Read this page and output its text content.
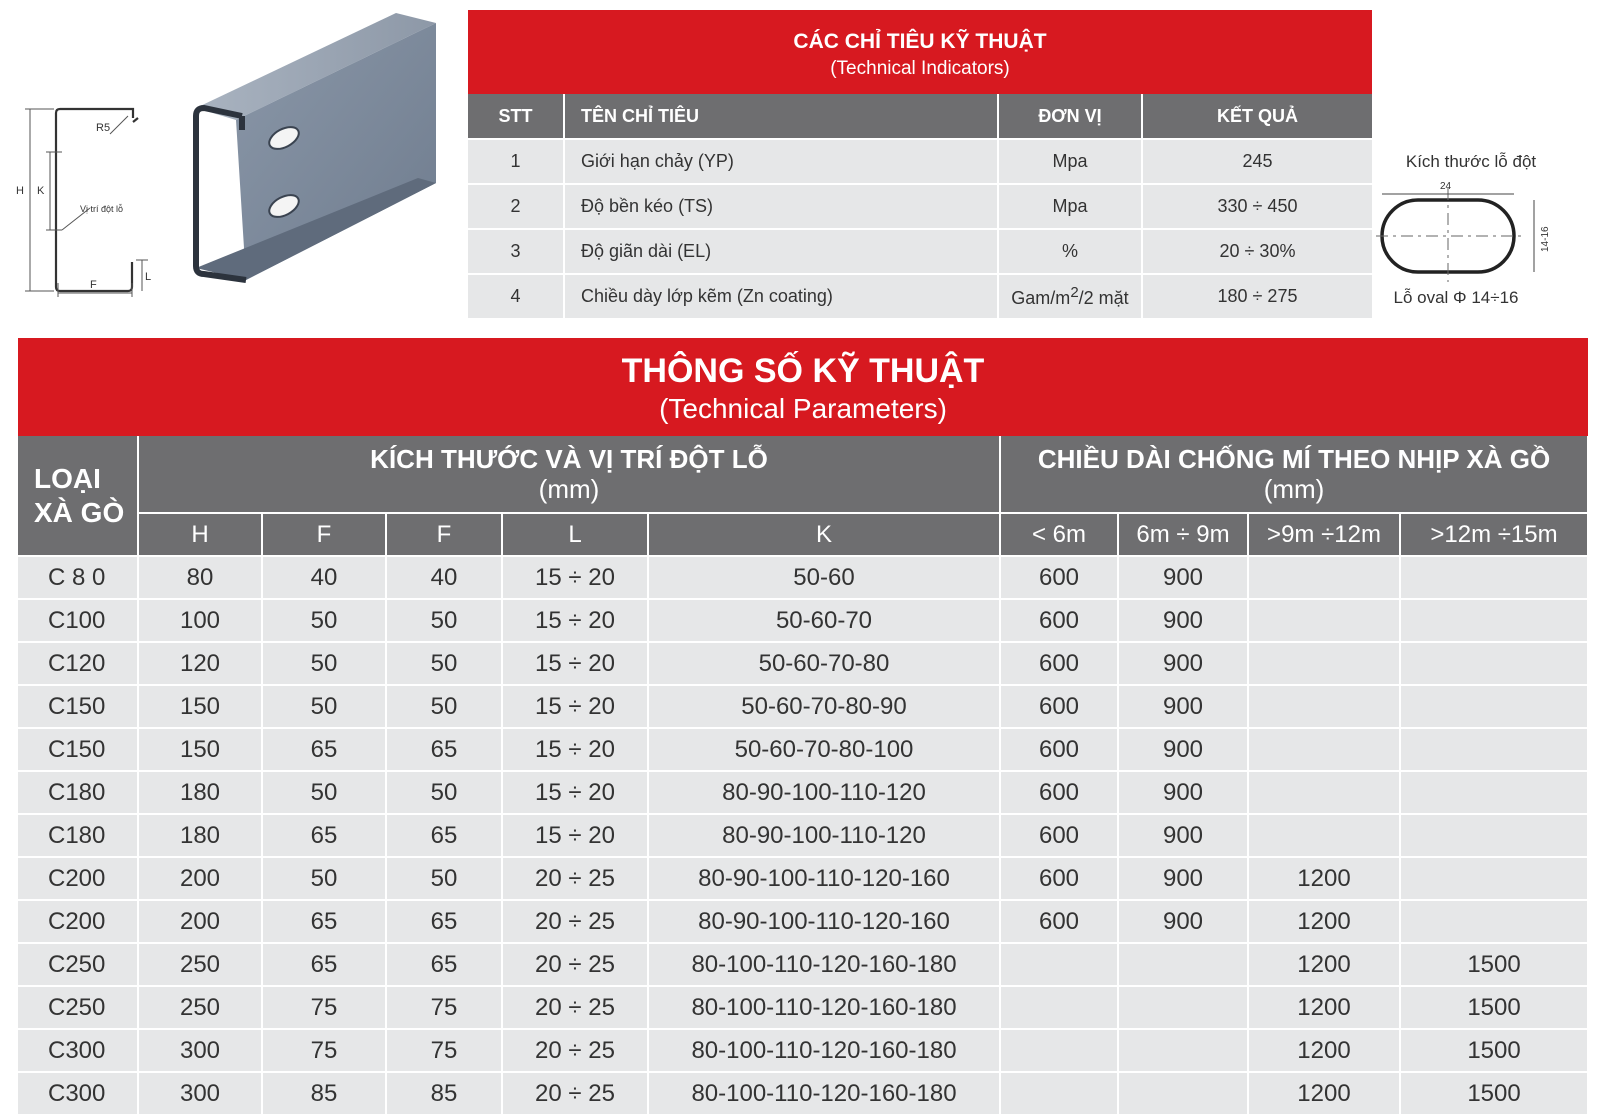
R5
H K
Vị trí đột lỗ
L
F
CÁC CHỈ TIÊU KỸ THUẬT
(Technical Indicators)
STT	TÊN CHỈ TIÊU	ĐƠN VỊ	KẾT QUẢ
1	Giới hạn chảy (YP)	Mpa	245
2	Độ bền kéo (TS)	Mpa	330 ÷ 450
3	Độ giãn dài (EL)	%	20 ÷ 30%
4	Chiều dày lớp kẽm (Zn coating)	Gam/$m^2/2$ mặt	180 ÷ 275
Kích thước lỗ đột
24
14-16
Lỗ oval Φ 14÷16
THÔNG SỐ KỸ THUẬT
(Technical Parameters)
LOẠI
XÀ GÒ	KÍCH THƯỚC VÀ VỊ TRÍ ĐỘT LỖ
(mm)					CHIỀU DÀI CHỐNG MÍ THEO NHỊP XÀ GỒ
(mm)			
	H	F	F	L	K	< 6m	6m ÷ 9m	>9m ÷12m	>12m ÷15m
C 8 0	80	40	40	15 ÷ 20	50-60	600	900		
C100	100	50	50	15 ÷ 20	50-60-70	600	900		
C120	120	50	50	15 ÷ 20	50-60-70-80	600	900		
C150	150	50	50	15 ÷ 20	50-60-70-80-90	600	900		
C150	150	65	65	15 ÷ 20	50-60-70-80-100	600	900		
C180	180	50	50	15 ÷ 20	80-90-100-110-120	600	900		
C180	180	65	65	15 ÷ 20	80-90-100-110-120	600	900		
C200	200	50	50	20 ÷ 25	80-90-100-110-120-160	600	900	1200	
C200	200	65	65	20 ÷ 25	80-90-100-110-120-160	600	900	1200	
C250	250	65	65	20 ÷ 25	80-100-110-120-160-180			1200	1500
C250	250	75	75	20 ÷ 25	80-100-110-120-160-180			1200	1500
C300	300	75	75	20 ÷ 25	80-100-110-120-160-180			1200	1500
C300	300	85	85	20 ÷ 25	80-100-110-120-160-180			1200	1500
